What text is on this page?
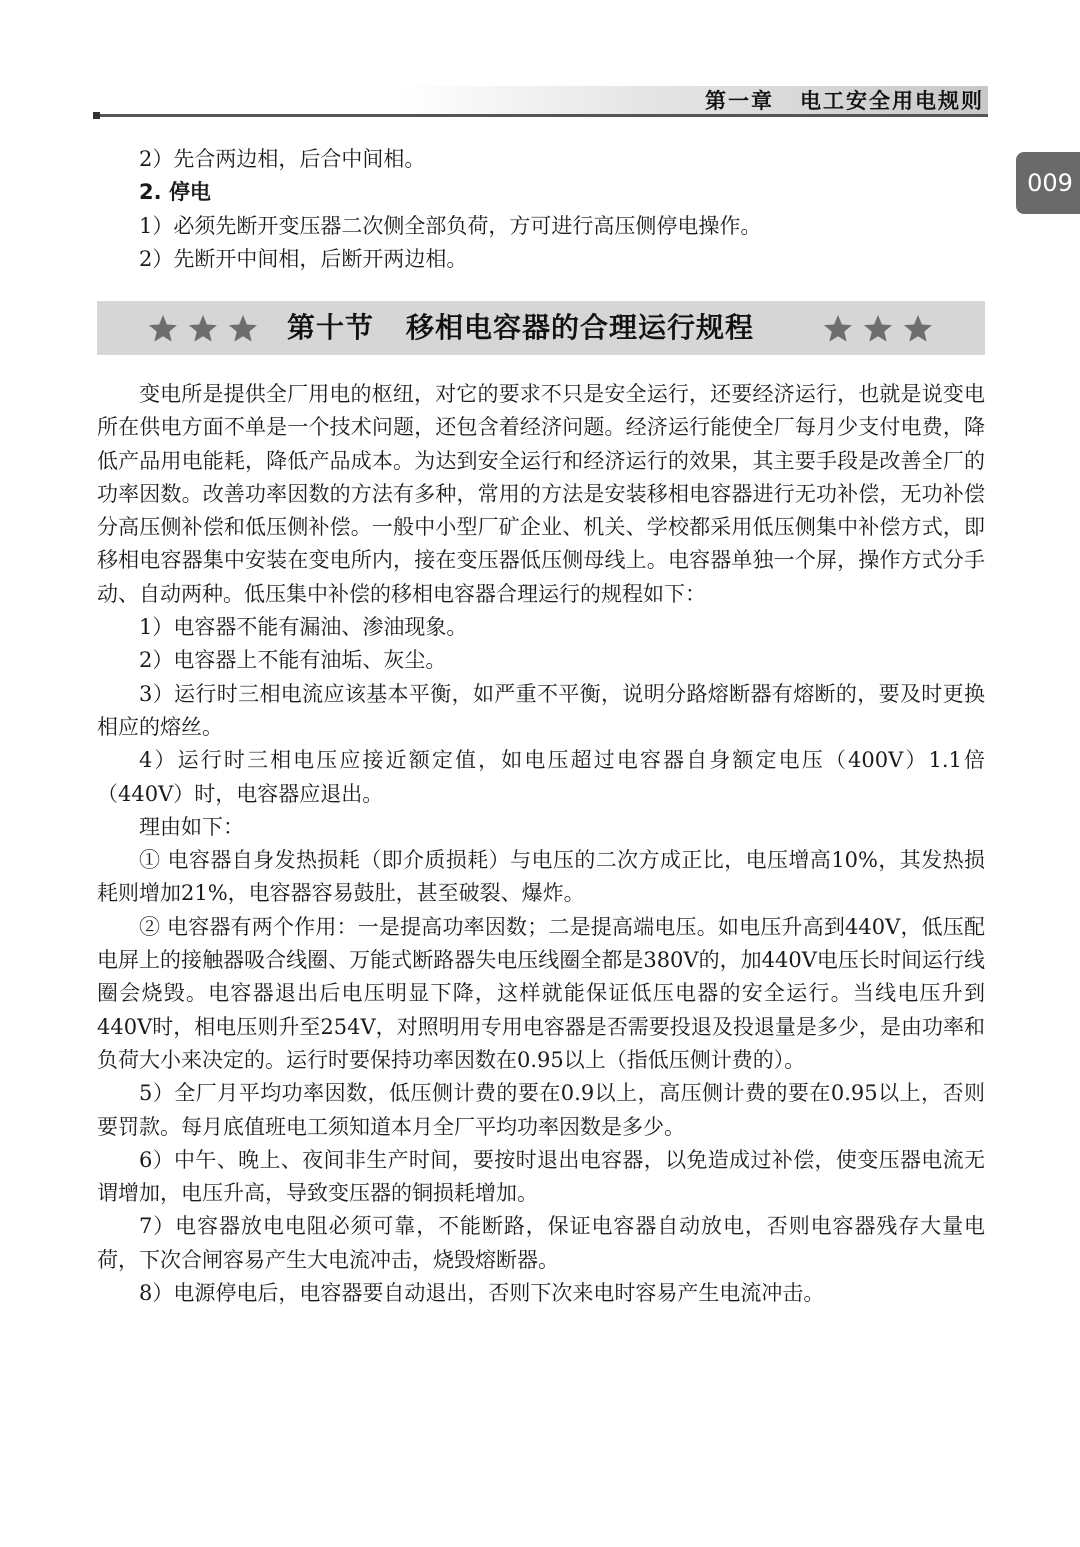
第一章 电工安全用电规则
009
2）先合两边相，后合中间相。
2. 停电
1）必须先断开变压器二次侧全部负荷，方可进行高压侧停电操作。
2）先断开中间相，后断开两边相。
第十节 移相电容器的合理运行规程

变电所是提供全厂用电的枢纽，对它的要求不只是安全运行，还要经济运行，也就是说变电所在供电方面不单是一个技术问题，还包含着经济问题。经济运行能使全厂每月少支付电费，降低产品用电能耗，降低产品成本。为达到安全运行和经济运行的效果，其主要手段是改善全厂的功率因数。改善功率因数的方法有多种，常用的方法是安装移相电容器进行无功补偿，无功补偿分高压侧补偿和低压侧补偿。一般中小型厂矿企业、机关、学校都采用低压侧集中补偿方式，即移相电容器集中安装在变电所内，接在变压器低压侧母线上。电容器单独一个屏，操作方式分手动、自动两种。低压集中补偿的移相电容器合理运行的规程如下：

1）电容器不能有漏油、渗油现象。

2）电容器上不能有油垢、灰尘。

3）运行时三相电流应该基本平衡，如严重不平衡，说明分路熔断器有熔断的，要及时更换相应的熔丝。

4）运行时三相电压应接近额定值，如电压超过电容器自身额定电压（400V）1.1倍（440V）时，电容器应退出。

理由如下：

① 电容器自身发热损耗（即介质损耗）与电压的二次方成正比，电压增高10%，其发热损耗则增加21%，电容器容易鼓肚，甚至破裂、爆炸。

② 电容器有两个作用：一是提高功率因数；二是提高端电压。如电压升高到440V，低压配电屏上的接触器吸合线圈、万能式断路器失电压线圈全都是380V的，加440V电压长时间运行线圈会烧毁。电容器退出后电压明显下降，这样就能保证低压电器的安全运行。当线电压升到440V时，相电压则升至254V，对照明用专用电容器是否需要投退及投退量是多少，是由功率和负荷大小来决定的。运行时要保持功率因数在0.95以上（指低压侧计费的）。

5）全厂月平均功率因数，低压侧计费的要在0.9以上，高压侧计费的要在0.95以上，否则要罚款。每月底值班电工须知道本月全厂平均功率因数是多少。

6）中午、晚上、夜间非生产时间，要按时退出电容器，以免造成过补偿，使变压器电流无谓增加，电压升高，导致变压器的铜损耗增加。

7）电容器放电电阻必须可靠，不能断路，保证电容器自动放电，否则电容器残存大量电荷，下次合闸容易产生大电流冲击，烧毁熔断器。

8）电源停电后，电容器要自动退出，否则下次来电时容易产生电流冲击。
